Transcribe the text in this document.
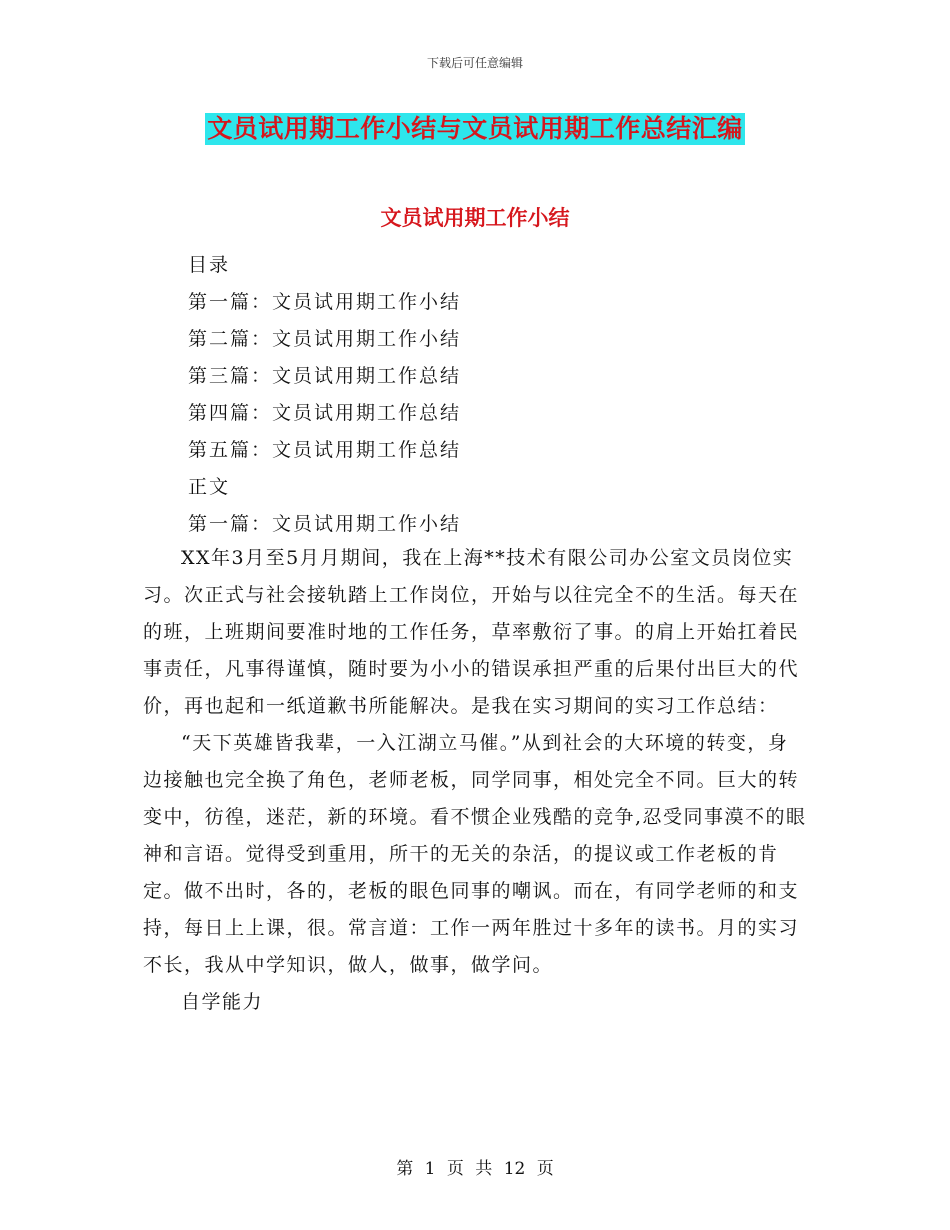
下载后可任意编辑
文员试用期工作小结与文员试用期工作总结汇编
文员试用期工作小结
目录
第一篇：文员试用期工作小结
第二篇：文员试用期工作小结
第三篇：文员试用期工作总结
第四篇：文员试用期工作总结
第五篇：文员试用期工作总结
正文
第一篇：文员试用期工作小结

XX年3月至5月月期间，我在上海**技术有限公司办公室文员岗位实习。次正式与社会接轨踏上工作岗位，开始与以往完全不的生活。每天在的班，上班期间要准时地的工作任务，草率敷衍了事。的肩上开始扛着民事责任，凡事得谨慎，随时要为小小的错误承担严重的后果付出巨大的代价，再也起和一纸道歉书所能解决。是我在实习期间的实习工作总结：

“天下英雄皆我辈，一入江湖立马催。”从到社会的大环境的转变，身边接触也完全换了角色，老师老板，同学同事，相处完全不同。巨大的转变中，彷徨，迷茫，新的环境。看不惯企业残酷的竞争,忍受同事漠不的眼神和言语。觉得受到重用，所干的无关的杂活，的提议或工作老板的肯定。做不出时，各的，老板的眼色同事的嘲讽。而在，有同学老师的和支持，每日上上课，很。常言道：工作一两年胜过十多年的读书。月的实习不长，我从中学知识，做人，做事，做学问。

自学能力

第 1 页 共 12 页
